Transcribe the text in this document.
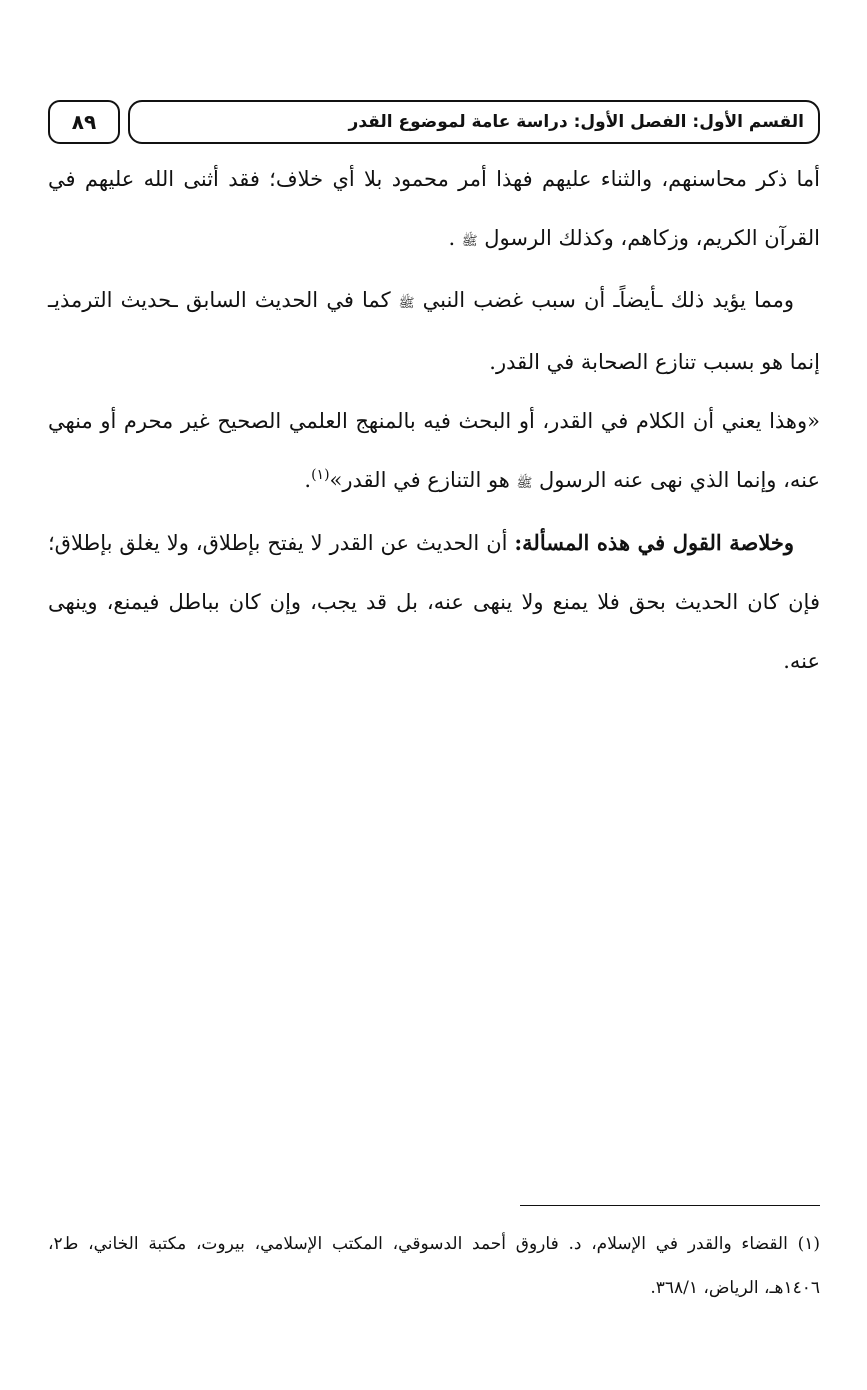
٨٩	القسم الأول: الفصل الأول: دراسة عامة لموضوع القدر

أما ذكر محاسنهم، والثناء عليهم فهذا أمر محمود بلا أي خلاف؛ فقد أثنى الله عليهم في القرآن الكريم، وزكاهم، وكذلك الرسول ﷺ .

ومما يؤيد ذلك ـأيضاًـ أن سبب غضب النبي ﷺ كما في الحديث السابق ـحديث الترمذيـ إنما هو بسبب تنازع الصحابة في القدر.

«وهذا يعني أن الكلام في القدر، أو البحث فيه بالمنهج العلمي الصحيح غير محرم أو منهي عنه، وإنما الذي نهى عنه الرسول ﷺ هو التنازع في القدر»$^{(١)}$.

وخلاصة القول في هذه المسألة: أن الحديث عن القدر لا يفتح بإطلاق، ولا يغلق بإطلاق؛ فإن كان الحديث بحق فلا يمنع ولا ينهى عنه، بل قد يجب، وإن كان بباطل فيمنع، وينهى عنه.

(١) القضاء والقدر في الإسلام، د. فاروق أحمد الدسوقي، المكتب الإسلامي، بيروت، مكتبة الخاني، ط٢، ١٤٠٦هـ، الرياض، ٣٦٨/١.
